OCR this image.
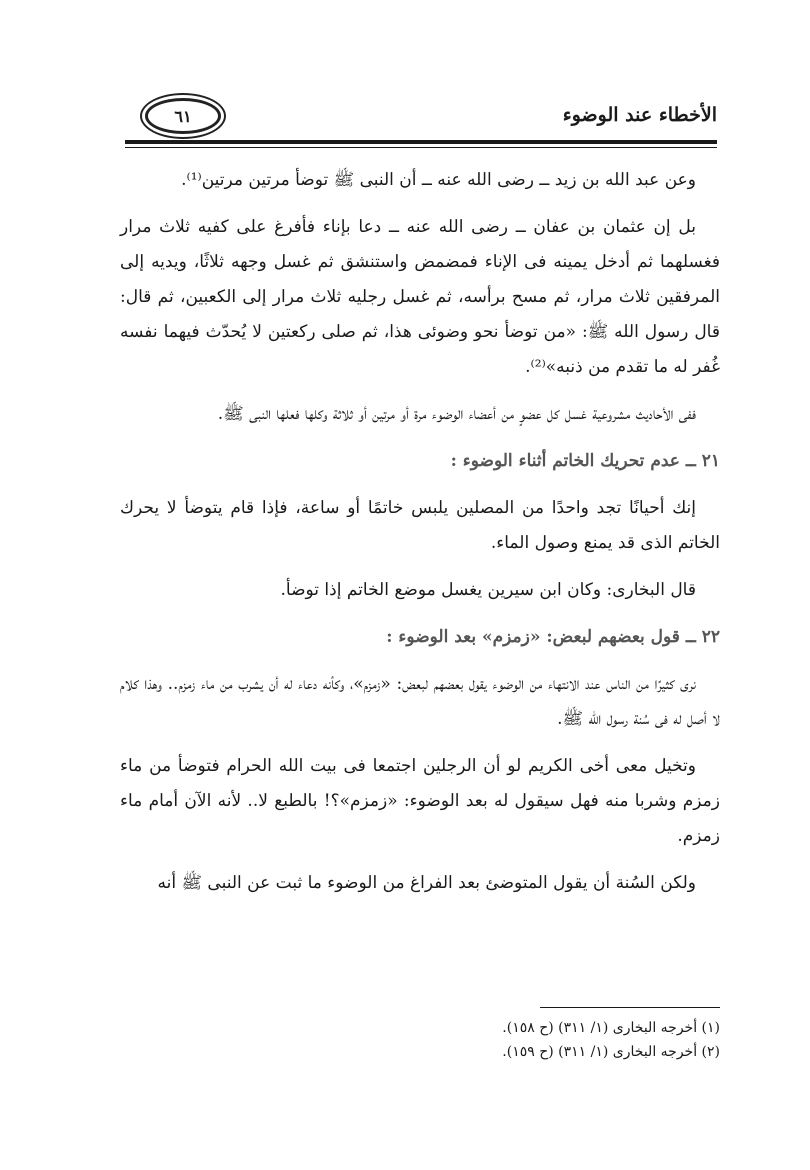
٦١	الأخطاء عند الوضوء

وعن عبد الله بن زيد ــ رضى الله عنه ــ أن النبى ﷺ توضأ مرتين مرتين⁽¹⁾.

بل إن عثمان بن عفان ــ رضى الله عنه ــ دعا بإناء فأفرغ على كفيه ثلاث مرار فغسلهما ثم أدخل يمينه فى الإناء فمضمض واستنشق ثم غسل وجهه ثلاثًا، ويديه إلى المرفقين ثلاث مرار، ثم مسح برأسه، ثم غسل رجليه ثلاث مرار إلى الكعبين، ثم قال: قال رسول الله ﷺ: «من توضأ نحو وضوئى هذا، ثم صلى ركعتين لا يُحدّث فيهما نفسه غُفر له ما تقدم من ذنبه»⁽²⁾.

ففى الأحاديث مشروعية غسل كل عضوٍ من أعضاء الوضوء مرة أو مرتين أو ثلاثة وكلها فعلها النبى ﷺ.

٢١ ــ عدم تحريك الخاتم أثناء الوضوء :

إنك أحيانًا تجد واحدًا من المصلين يلبس خاتمًا أو ساعة، فإذا قام يتوضأ لا يحرك الخاتم الذى قد يمنع وصول الماء.

قال البخارى: وكان ابن سيرين يغسل موضع الخاتم إذا توضأ.

٢٢ ــ قول بعضهم لبعض: «زمزم» بعد الوضوء :

نرى كثيرًا من الناس عند الانتهاء من الوضوء يقول بعضهم لبعض: «زمزم»، وكأنه دعاء له أن يشرب من ماء زمزم.. وهذا كلام لا أصل له فى سُنة رسول الله ﷺ.

وتخيل معى أخى الكريم لو أن الرجلين اجتمعا فى بيت الله الحرام فتوضأ من ماء زمزم وشربا منه فهل سيقول له بعد الوضوء: «زمزم»؟! بالطبع لا.. لأنه الآن أمام ماء زمزم.

ولكن السُنة أن يقول المتوضئ بعد الفراغ من الوضوء ما ثبت عن النبى ﷺ أنه

(١) أخرجه البخارى (١/ ٣١١) (ح ١٥٨).

(٢) أخرجه البخارى (١/ ٣١١) (ح ١٥٩).
